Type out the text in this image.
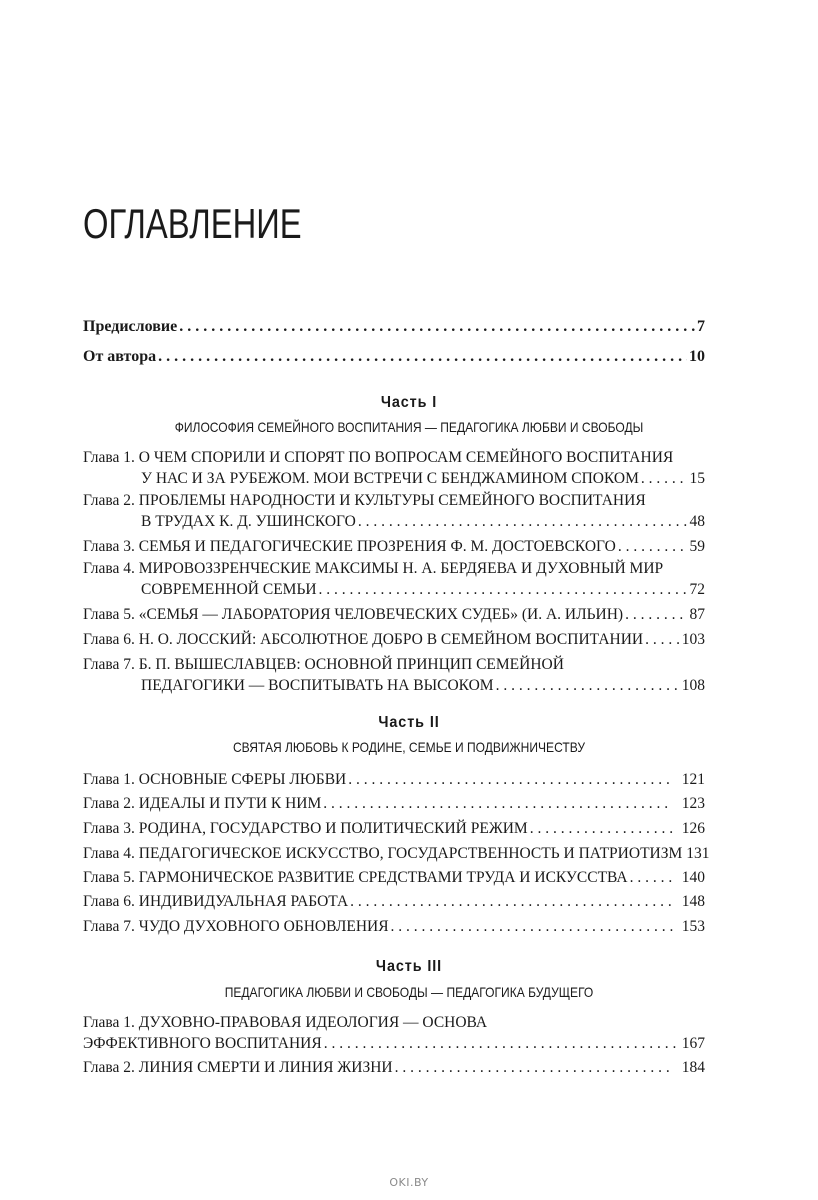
ОГЛАВЛЕНИЕ
Предисловие . . .	7
От автора . . .	10
Часть I
ФИЛОСОФИЯ СЕМЕЙНОГО ВОСПИТАНИЯ — ПЕДАГОГИКА ЛЮБВИ И СВОБОДЫ
Глава 1. О ЧЕМ СПОРИЛИ И СПОРЯТ ПО ВОПРОСАМ СЕМЕЙНОГО ВОСПИТАНИЯ
У НАС И ЗА РУБЕЖОМ. МОИ ВСТРЕЧИ С БЕНДЖАМИНОМ СПОКОМ . . .	15
Глава 2. ПРОБЛЕМЫ НАРОДНОСТИ И КУЛЬТУРЫ СЕМЕЙНОГО ВОСПИТАНИЯ
В ТРУДАХ К. Д. УШИНСКОГО . . .	48
Глава 3. СЕМЬЯ И ПЕДАГОГИЧЕСКИЕ ПРОЗРЕНИЯ Ф. М. ДОСТОЕВСКОГО . . .	59
Глава 4. МИРОВОЗЗРЕНЧЕСКИЕ МАКСИМЫ Н. А. БЕРДЯЕВА И ДУХОВНЫЙ МИР
СОВРЕМЕННОЙ СЕМЬИ . . .	72
Глава 5. «СЕМЬЯ — ЛАБОРАТОРИЯ ЧЕЛОВЕЧЕСКИХ СУДЕБ» (И. А. ИЛЬИН) . . .	87
Глава 6. Н. О. ЛОССКИЙ: АБСОЛЮТНОЕ ДОБРО В СЕМЕЙНОМ ВОСПИТАНИИ . . . 103
Глава 7. Б. П. ВЫШЕСЛАВЦЕВ: ОСНОВНОЙ ПРИНЦИП СЕМЕЙНОЙ
ПЕДАГОГИКИ — ВОСПИТЫВАТЬ НА ВЫСОКОМ . . .	108
Часть II
СВЯТАЯ ЛЮБОВЬ К РОДИНЕ, СЕМЬЕ И ПОДВИЖНИЧЕСТВУ
Глава 1. ОСНОВНЫЕ СФЕРЫ ЛЮБВИ . . .	121
Глава 2. ИДЕАЛЫ И ПУТИ К НИМ . . .	123
Глава 3. РОДИНА, ГОСУДАРСТВО И ПОЛИТИЧЕСКИЙ РЕЖИМ . . .	126
Глава 4. ПЕДАГОГИЧЕСКОЕ ИСКУССТВО, ГОСУДАРСТВЕННОСТЬ И ПАТРИОТИЗМ 131
Глава 5. ГАРМОНИЧЕСКОЕ РАЗВИТИЕ СРЕДСТВАМИ ТРУДА И ИСКУССТВА . . .	140
Глава 6. ИНДИВИДУАЛЬНАЯ РАБОТА . . .	148
Глава 7. ЧУДО ДУХОВНОГО ОБНОВЛЕНИЯ . . .	153
Часть III
ПЕДАГОГИКА ЛЮБВИ И СВОБОДЫ — ПЕДАГОГИКА БУДУЩЕГО
Глава 1. ДУХОВНО-ПРАВОВАЯ ИДЕОЛОГИЯ — ОСНОВА
ЭФФЕКТИВНОГО ВОСПИТАНИЯ . . .	167
Глава 2. ЛИНИЯ СМЕРТИ И ЛИНИЯ ЖИЗНИ . . .	184
OKI.BY
